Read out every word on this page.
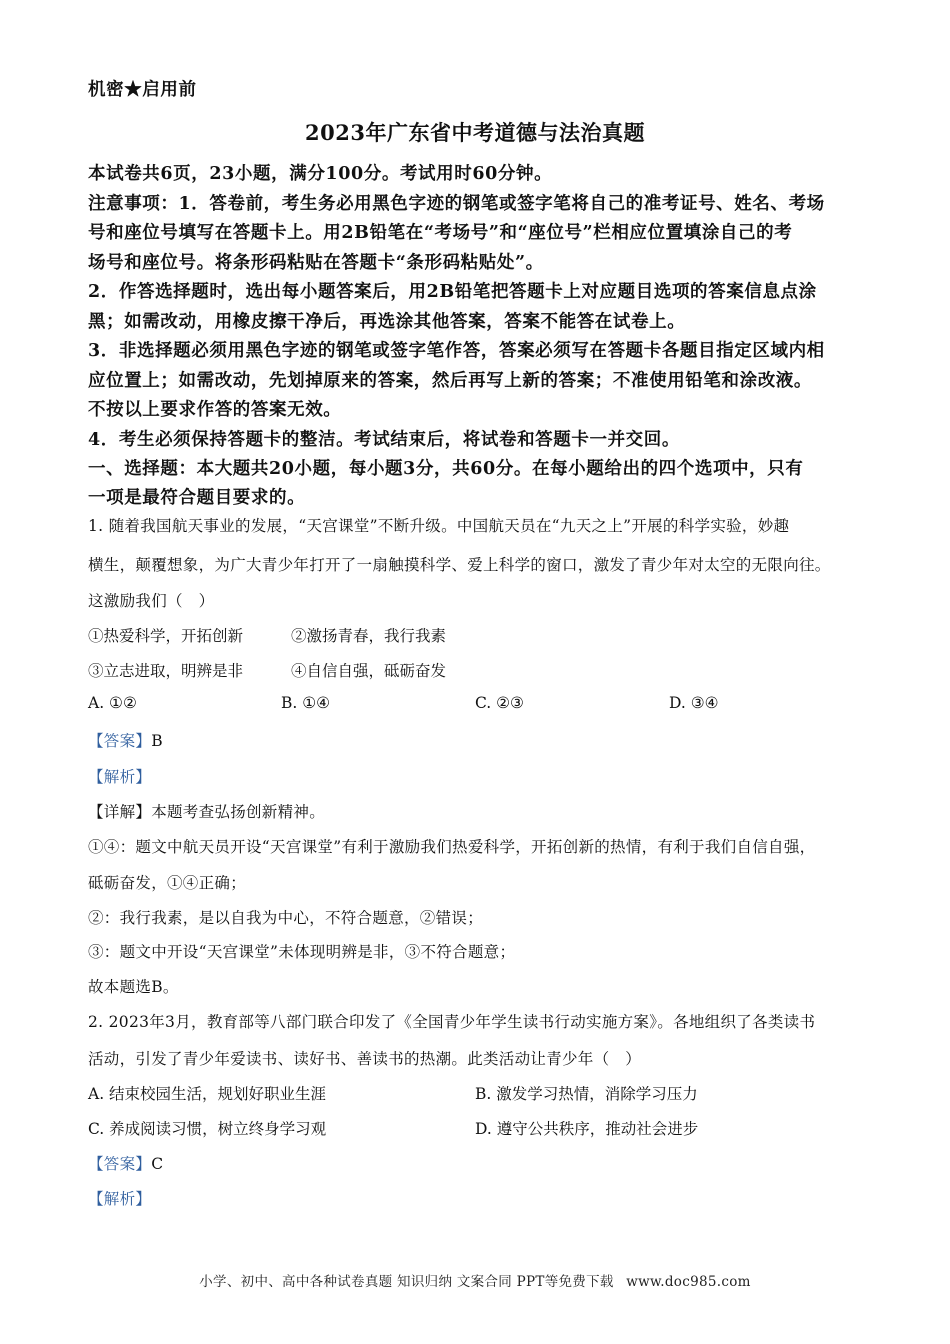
机密★启用前
2023年广东省中考道德与法治真题
本试卷共6页，23小题，满分100分。考试用时60分钟。
注意事项：1．答卷前，考生务必用黑色字迹的钢笔或签字笔将自己的准考证号、姓名、考场
号和座位号填写在答题卡上。用2B铅笔在“考场号”和“座位号”栏相应位置填涂自己的考
场号和座位号。将条形码粘贴在答题卡“条形码粘贴处”。
2．作答选择题时，选出每小题答案后，用2B铅笔把答题卡上对应题目选项的答案信息点涂
黑；如需改动，用橡皮擦干净后，再选涂其他答案，答案不能答在试卷上。
3．非选择题必须用黑色字迹的钢笔或签字笔作答，答案必须写在答题卡各题目指定区域内相
应位置上；如需改动，先划掉原来的答案，然后再写上新的答案；不准使用铅笔和涂改液。
不按以上要求作答的答案无效。
4．考生必须保持答题卡的整洁。考试结束后，将试卷和答题卡一并交回。
一、选择题：本大题共20小题，每小题3分，共60分。在每小题给出的四个选项中，只有
一项是最符合题目要求的。
1. 随着我国航天事业的发展，“天宫课堂”不断升级。中国航天员在“九天之上”开展的科学实验，妙趣
横生，颠覆想象，为广大青少年打开了一扇触摸科学、爱上科学的窗口，激发了青少年对太空的无限向往。
这激励我们（　）
①热爱科学，开拓创新	②激扬青春，我行我素
③立志进取，明辨是非	④自信自强，砥砺奋发
A. ①②	B. ①④	C. ②③	D. ③④
【答案】B
【解析】
【详解】本题考查弘扬创新精神。
①④：题文中航天员开设“天宫课堂”有利于激励我们热爱科学，开拓创新的热情，有利于我们自信自强，
砥砺奋发，①④正确；
②：我行我素，是以自我为中心，不符合题意，②错误；
③：题文中开设“天宫课堂”未体现明辨是非，③不符合题意；
故本题选B。
2. 2023年3月，教育部等八部门联合印发了《全国青少年学生读书行动实施方案》。各地组织了各类读书
活动，引发了青少年爱读书、读好书、善读书的热潮。此类活动让青少年（　）
A. 结束校园生活，规划好职业生涯	B. 激发学习热情，消除学习压力
C. 养成阅读习惯，树立终身学习观	D. 遵守公共秩序，推动社会进步
【答案】C
【解析】
小学、初中、高中各种试卷真题 知识归纳 文案合同 PPT等免费下载 www.doc985.com
